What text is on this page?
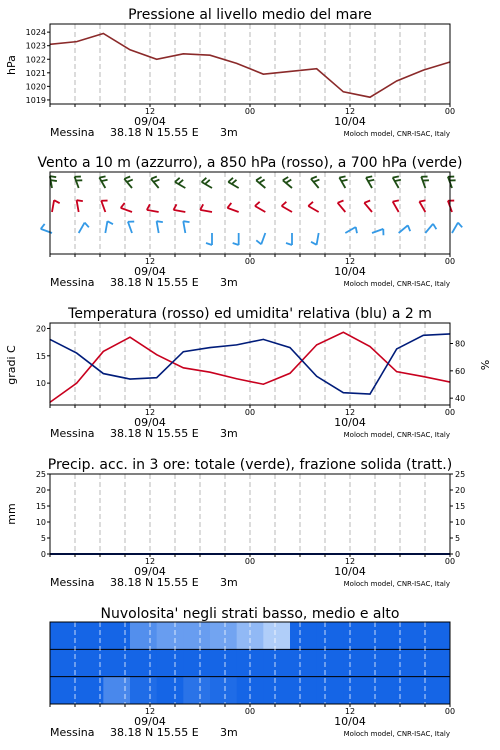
Pressione al livello medio del mare
1019
1020
1021
1022
1023
1024
hPa
12	00	12	00
09/04	10/04
Messina 38.18 N 15.55 E 3m	Moloch model, CNR-ISAC, Italy
Vento a 10 m (azzurro), a 850 hPa (rosso), a 700 hPa (verde)
12	00	12	00
09/04	10/04
Messina 38.18 N 15.55 E 3m	Moloch model, CNR-ISAC, Italy
Temperatura (rosso) ed umidita' relativa (blu) a 2 m
10
15
20
40
60
80
gradi C	%
12	00	12	00
09/04	10/04
Messina 38.18 N 15.55 E 3m	Moloch model, CNR-ISAC, Italy
Precip. acc. in 3 ore: totale (verde), frazione solida (tratt.)
0
5
10
15
20
25
0
5
10
15
20
25
mm
12	00	12	00
09/04	10/04
Messina 38.18 N 15.55 E 3m	Moloch model, CNR-ISAC, Italy
Nuvolosita' negli strati basso, medio e alto
12	00	12	00
09/04	10/04
Messina 38.18 N 15.55 E 3m	Moloch model, CNR-ISAC, Italy
